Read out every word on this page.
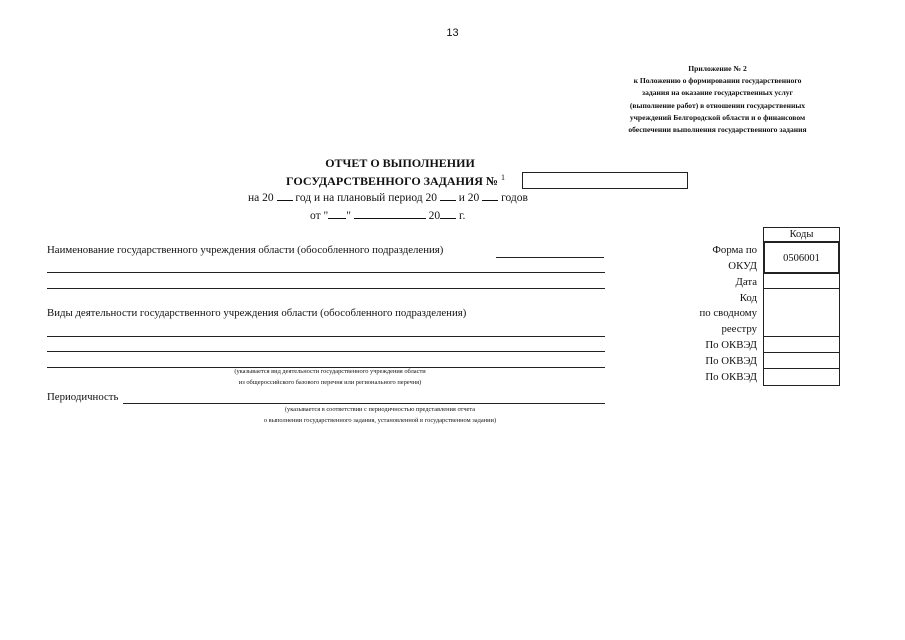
13
Приложение № 2
к Положению о формировании государственного
задания на оказание государственных услуг
(выполнение работ) в отношении государственных
учреждений Белгородской области и о финансовом
обеспечении выполнения государственного задания
ОТЧЕТ О ВЫПОЛНЕНИИ
ГОСУДАРСТВЕННОГО ЗАДАНИЯ № $^1$
на 20 год и на плановый период 20 и 20 годов
от " "	20 г.
Наименование государственного учреждения области (обособленного подразделения)
Виды деятельности государственного учреждения области (обособленного подразделения)
(указывается вид деятельности государственного учреждения области
из общероссийского базового перечня или регионального перечня)
Периодичность
(указывается в соответствии с периодичностью представления отчета
о выполнении государственного задания, установленной в государственном задании)
Форма по
ОКУД
Дата
Код
по сводному
реестру
По ОКВЭД
По ОКВЭД
По ОКВЭД
Коды
0506001
